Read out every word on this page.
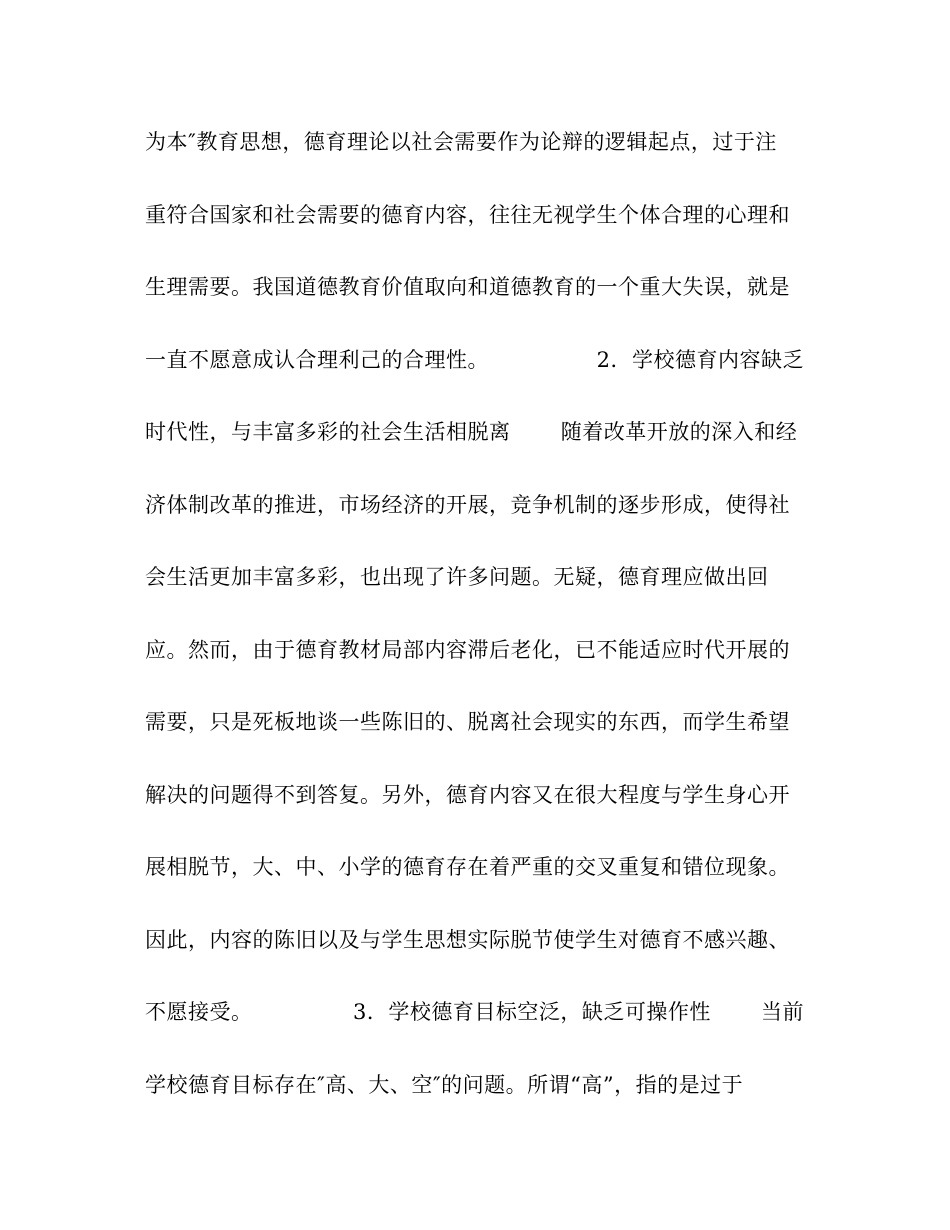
为本″教育思想，德育理论以社会需要作为论辩的逻辑起点，过于注
重符合国家和社会需要的德育内容，往往无视学生个体合理的心理和
生理需要。我国道德教育价值取向和道德教育的一个重大失误，就是
一直不愿意成认合理利己的合理性。               2．学校德育内容缺乏
时代性，与丰富多彩的社会生活相脱离       随着改革开放的深入和经
济体制改革的推进，市场经济的开展，竞争机制的逐步形成，使得社
会生活更加丰富多彩，也出现了许多问题。无疑，德育理应做出回
应。然而，由于德育教材局部内容滞后老化，已不能适应时代开展的
需要，只是死板地谈一些陈旧的、脱离社会现实的东西，而学生希望
解决的问题得不到答复。另外，德育内容又在很大程度与学生身心开
展相脱节，大、中、小学的德育存在着严重的交叉重复和错位现象。
因此，内容的陈旧以及与学生思想实际脱节使学生对德育不感兴趣、
不愿接受。              3．学校德育目标空泛，缺乏可操作性       当前
学校德育目标存在″高、大、空″的问题。所谓“高”，指的是过于
